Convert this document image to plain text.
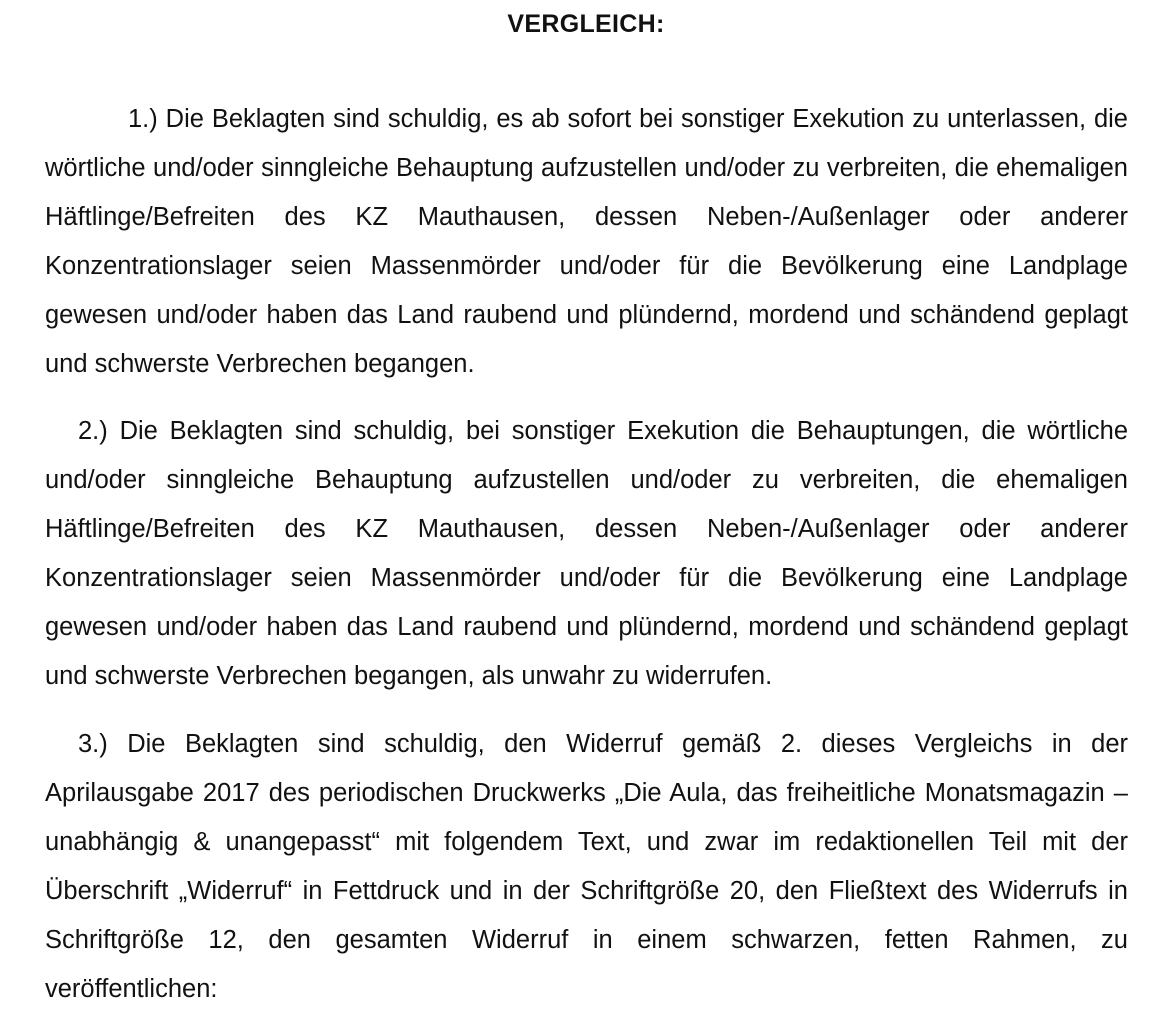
VERGLEICH:

1.) Die Beklagten sind schuldig, es ab sofort bei sonstiger Exekution zu unterlassen, die wörtliche und/oder sinngleiche Behauptung aufzustellen und/oder zu verbreiten, die ehemaligen Häftlinge/Befreiten des KZ Mauthausen, dessen Neben-/Außenlager oder anderer Konzentrationslager seien Massenmörder und/oder für die Bevölkerung eine Landplage gewesen und/oder haben das Land raubend und plündernd, mordend und schändend geplagt und schwerste Verbrechen begangen.

2.) Die Beklagten sind schuldig, bei sonstiger Exekution die Behauptungen, die wörtliche und/oder sinngleiche Behauptung aufzustellen und/oder zu verbreiten, die ehemaligen Häftlinge/Befreiten des KZ Mauthausen, dessen Neben-/Außenlager oder anderer Konzentrationslager seien Massenmörder und/oder für die Bevölkerung eine Landplage gewesen und/oder haben das Land raubend und plündernd, mordend und schändend geplagt und schwerste Verbrechen begangen, als unwahr zu widerrufen.

3.) Die Beklagten sind schuldig, den Widerruf gemäß 2. dieses Vergleichs in der Aprilausgabe 2017 des periodischen Druckwerks „Die Aula, das freiheitliche Monatsmagazin – unabhängig & unangepasst“ mit folgendem Text, und zwar im redaktionellen Teil mit der Überschrift „Widerruf“ in Fettdruck und in der Schriftgröße 20, den Fließtext des Widerrufs in Schriftgröße 12, den gesamten Widerruf in einem schwarzen, fetten Rahmen, zu veröffentlichen:
